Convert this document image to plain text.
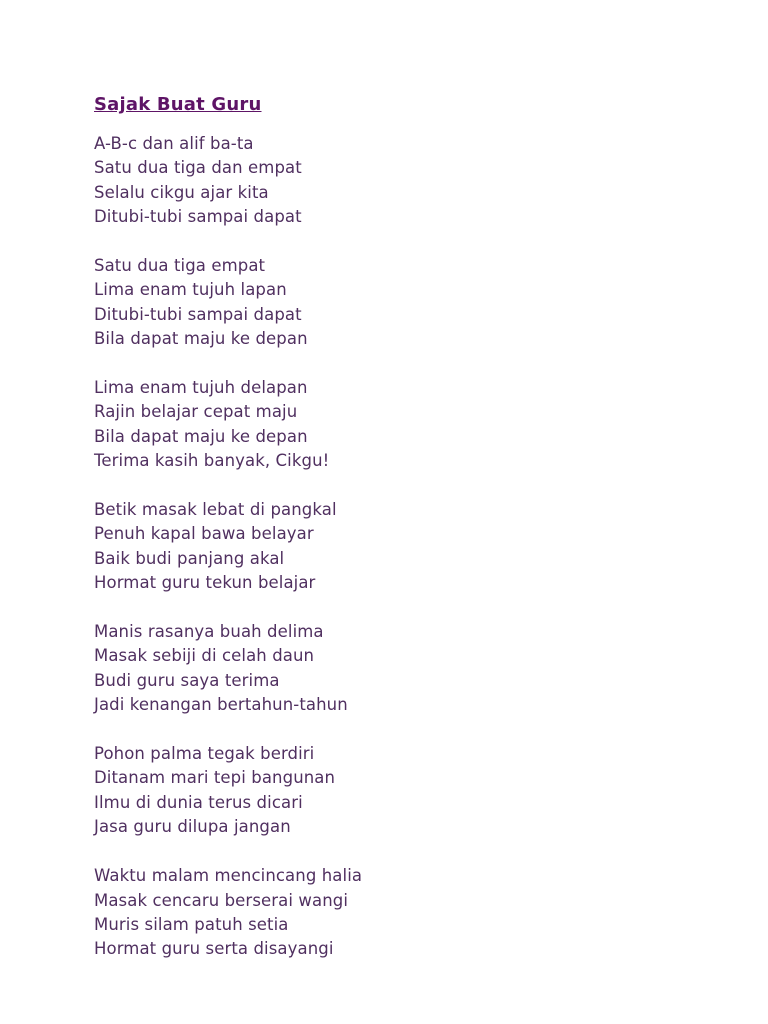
Sajak Buat Guru
A-B-c dan alif ba-ta
Satu dua tiga dan empat
Selalu cikgu ajar kita
Ditubi-tubi sampai dapat
Satu dua tiga empat
Lima enam tujuh lapan
Ditubi-tubi sampai dapat
Bila dapat maju ke depan
Lima enam tujuh delapan
Rajin belajar cepat maju
Bila dapat maju ke depan
Terima kasih banyak, Cikgu!
Betik masak lebat di pangkal
Penuh kapal bawa belayar
Baik budi panjang akal
Hormat guru tekun belajar
Manis rasanya buah delima
Masak sebiji di celah daun
Budi guru saya terima
Jadi kenangan bertahun-tahun
Pohon palma tegak berdiri
Ditanam mari tepi bangunan
Ilmu di dunia terus dicari
Jasa guru dilupa jangan
Waktu malam mencincang halia
Masak cencaru berserai wangi
Muris silam patuh setia
Hormat guru serta disayangi
